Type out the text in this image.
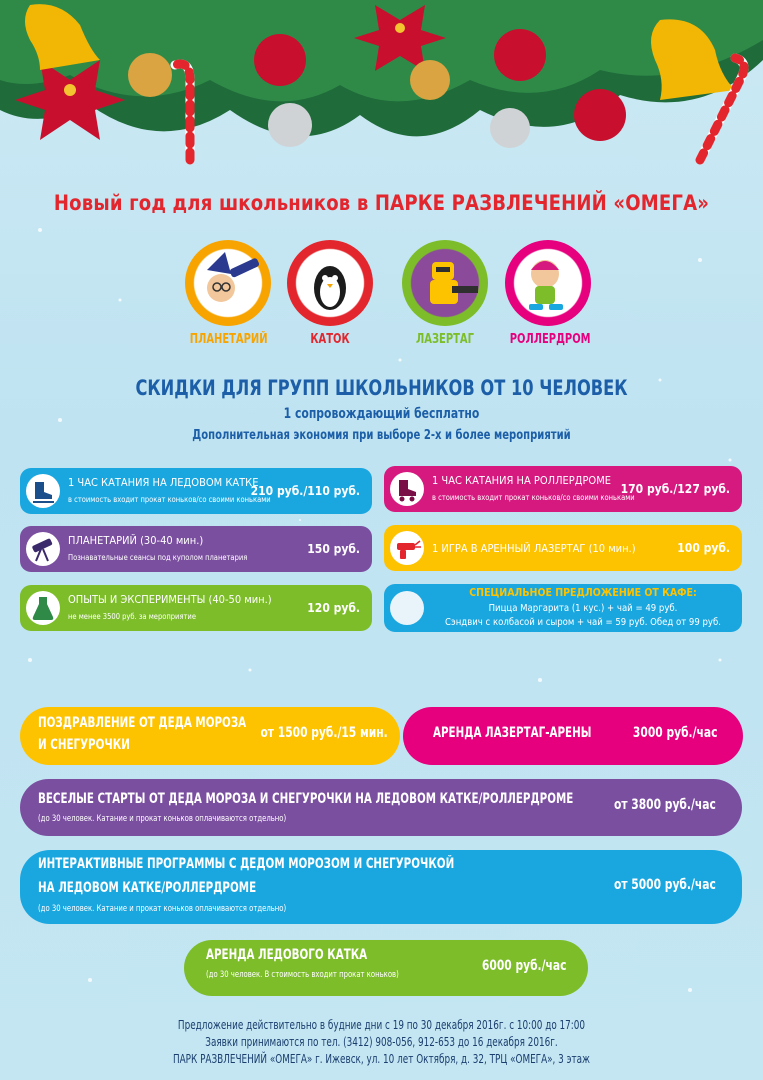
Новый год для школьников в ПАРКЕ РАЗВЛЕЧЕНИЙ «ОМЕГА»
ПЛАНЕТАРИЙ	КАТОК	ЛАЗЕРТАГ	РОЛЛЕРДРОМ
СКИДКИ ДЛЯ ГРУПП ШКОЛЬНИКОВ ОТ 10 ЧЕЛОВЕК
1 сопровождающий бесплатно
Дополнительная экономия при выборе 2-х и более мероприятий
1 ЧАС КАТАНИЯ НА ЛЕДОВОМ КАТКЕ
в стоимость входит прокат коньков/со своими коньками
210 руб./110 руб.
ПЛАНЕТАРИЙ (30-40 мин.)
Познавательные сеансы под куполом планетария
150 руб.
ОПЫТЫ И ЭКСПЕРИМЕНТЫ (40-50 мин.)
не менее 3500 руб. за мероприятие
120 руб.
1 ЧАС КАТАНИЯ НА РОЛЛЕРДРОМЕ
в стоимость входит прокат коньков/со своими коньками
170 руб./127 руб.
1 ИГРА В АРЕННЫЙ ЛАЗЕРТАГ (10 мин.)	100 руб.
СПЕЦИАЛЬНОЕ ПРЕДЛОЖЕНИЕ ОТ КАФЕ:
Пицца Маргарита (1 кус.) + чай = 49 руб.
Сэндвич с колбасой и сыром + чай = 59 руб. Обед от 99 руб.
ПОЗДРАВЛЕНИЕ ОТ ДЕДА МОРОЗА
И СНЕГУРОЧКИ
от 1500 руб./15 мин.	АРЕНДА ЛАЗЕРТАГ-АРЕНЫ	3000 руб./час
ВЕСЕЛЫЕ СТАРТЫ ОТ ДЕДА МОРОЗА И СНЕГУРОЧКИ НА ЛЕДОВОМ КАТКЕ/РОЛЛЕРДРОМЕ
(до 30 человек. Катание и прокат коньков оплачиваются отдельно)
от 3800 руб./час
ИНТЕРАКТИВНЫЕ ПРОГРАММЫ С ДЕДОМ МОРОЗОМ И СНЕГУРОЧКОЙ
НА ЛЕДОВОМ КАТКЕ/РОЛЛЕРДРОМЕ
(до 30 человек. Катание и прокат коньков оплачиваются отдельно)
от 5000 руб./час
АРЕНДА ЛЕДОВОГО КАТКА
(до 30 человек. В стоимость входит прокат коньков)
6000 руб./час
Предложение действительно в будние дни с 19 по 30 декабря 2016г. с 10:00 до 17:00
Заявки принимаются по тел. (3412) 908-056, 912-653 до 16 декабря 2016г.
ПАРК РАЗВЛЕЧЕНИЙ «ОМЕГА» г. Ижевск, ул. 10 лет Октября, д. 32, ТРЦ «ОМЕГА», 3 этаж
